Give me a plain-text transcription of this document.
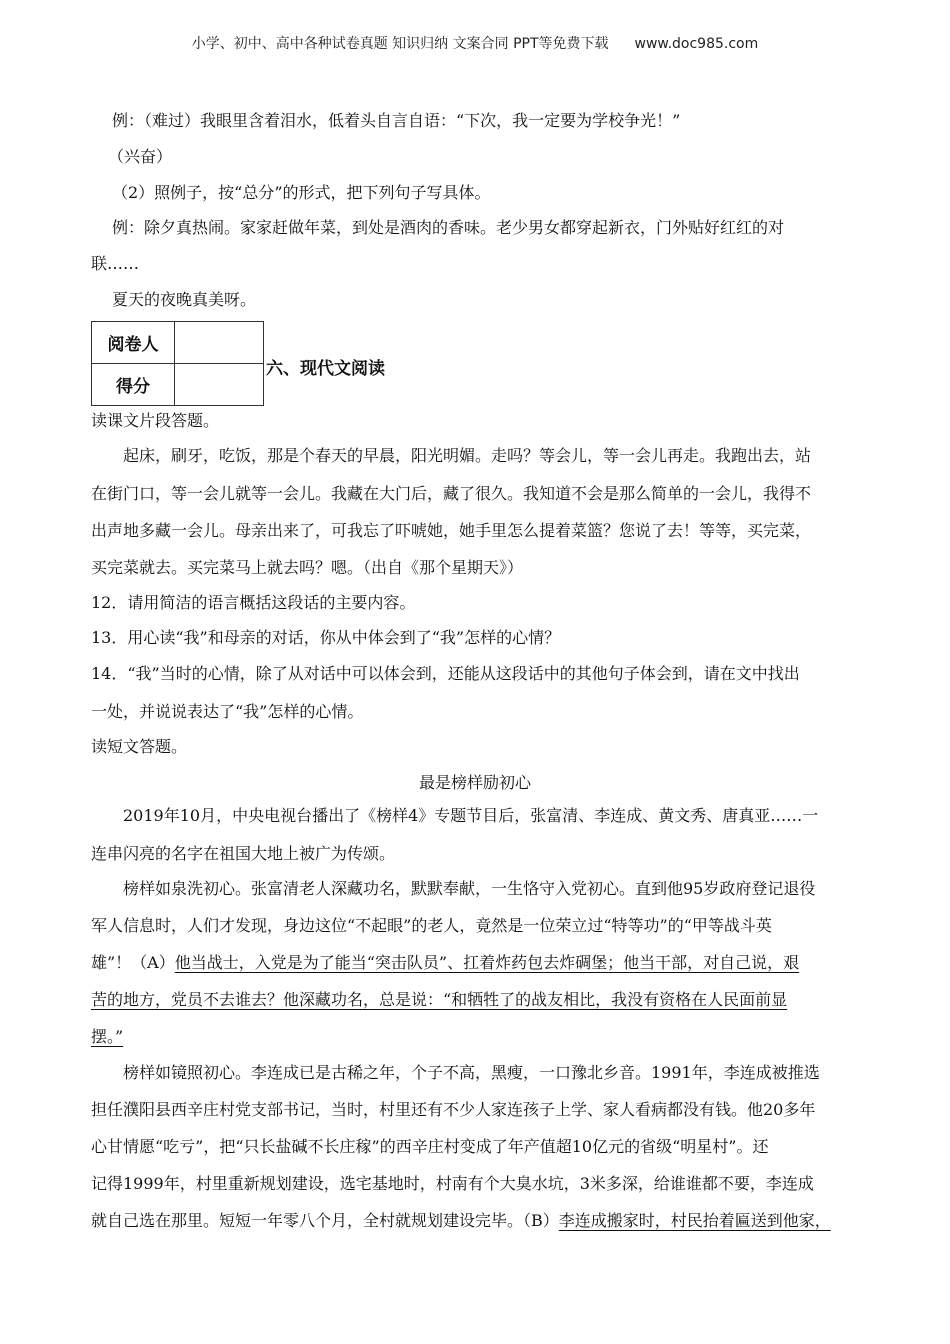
小学、初中、高中各种试卷真题 知识归纳 文案合同 PPT等免费下载 www.doc985.com
例：（难过）我眼里含着泪水，低着头自言自语：“下次，我一定要为学校争光！”
（兴奋）
（2）照例子，按“总分”的形式，把下列句子写具体。
例：除夕真热闹。家家赶做年菜，到处是酒肉的香味。老少男女都穿起新衣，门外贴好红红的对
联……
夏天的夜晚真美呀。
阅卷人	
得分	
六、现代文阅读
读课文片段答题。
起床，刷牙，吃饭，那是个春天的早晨，阳光明媚。走吗？等会儿，等一会儿再走。我跑出去，站
在街门口，等一会儿就等一会儿。我藏在大门后，藏了很久。我知道不会是那么简单的一会儿，我得不
出声地多藏一会儿。母亲出来了，可我忘了吓唬她，她手里怎么提着菜篮？您说了去！等等，买完菜，
买完菜就去。买完菜马上就去吗？嗯。（出自《那个星期天》）
12．请用简洁的语言概括这段话的主要内容。
13．用心读“我”和母亲的对话，你从中体会到了“我”怎样的心情？
14．“我”当时的心情，除了从对话中可以体会到，还能从这段话中的其他句子体会到，请在文中找出
一处，并说说表达了“我”怎样的心情。
读短文答题。
最是榜样励初心
2019年10月，中央电视台播出了《榜样4》专题节目后，张富清、李连成、黄文秀、唐真亚……一
连串闪亮的名字在祖国大地上被广为传颂。
榜样如泉洗初心。张富清老人深藏功名，默默奉献，一生恪守入党初心。直到他95岁政府登记退役
军人信息时，人们才发现，身边这位“不起眼”的老人，竟然是一位荣立过“特等功”的“甲等战斗英
雄”！（A）他当战士，入党是为了能当“突击队员”、扛着炸药包去炸碉堡；他当干部，对自己说，艰
苦的地方，党员不去谁去？他深藏功名，总是说：“和牺牲了的战友相比，我没有资格在人民面前显
摆。”
榜样如镜照初心。李连成已是古稀之年，个子不高，黑瘦，一口豫北乡音。1991年，李连成被推选
担任濮阳县西辛庄村党支部书记，当时，村里还有不少人家连孩子上学、家人看病都没有钱。他20多年
心甘情愿“吃亏”，把“只长盐碱不长庄稼”的西辛庄村变成了年产值超10亿元的省级“明星村”。还
记得1999年，村里重新规划建设，选宅基地时，村南有个大臭水坑，3米多深，给谁谁都不要，李连成
就自己选在那里。短短一年零八个月，全村就规划建设完毕。（B）李连成搬家时，村民抬着匾送到他家，
